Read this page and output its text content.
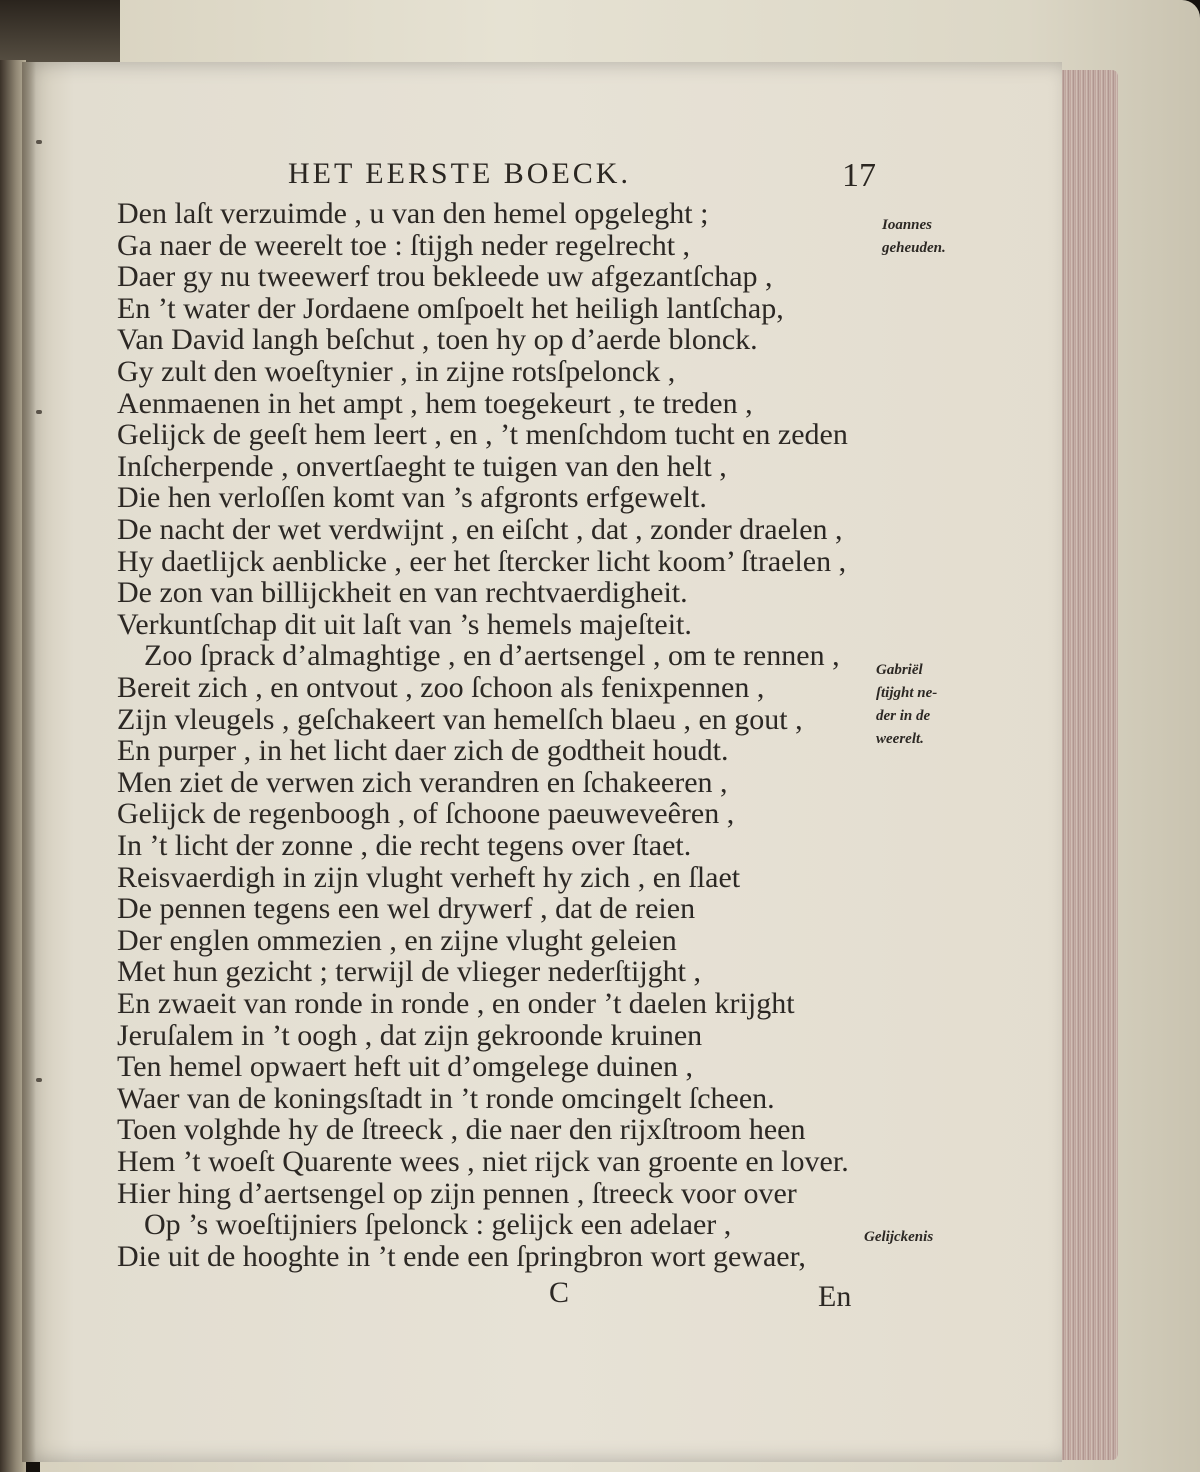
HET EERSTE BOECK.	17
Den laſt verzuimde , u van den hemel opgeleght ;
Ga naer de weerelt toe : ſtijgh neder regelrecht ,
Daer gy nu tweewerf trou bekleede uw afgezantſchap ,
En ’t water der Jordaene omſpoelt het heiligh lantſchap,
Van David langh beſchut , toen hy op d’aerde blonck.
Gy zult den woeſtynier , in zijne rotsſpelonck ,
Aenmaenen in het ampt , hem toegekeurt , te treden ,
Gelijck de geeſt hem leert , en , ’t menſchdom tucht en zeden
Inſcherpende , onvertſaeght te tuigen van den helt ,
Die hen verloſſen komt van ’s afgronts erfgewelt.
De nacht der wet verdwijnt , en eiſcht , dat , zonder draelen ,
Hy daetlijck aenblicke , eer het ſtercker licht koom’ ſtraelen ,
De zon van billijckheit en van rechtvaerdigheit.
Verkuntſchap dit uit laſt van ’s hemels majeſteit.
Zoo ſprack d’almaghtige , en d’aertsengel , om te rennen ,
Bereit zich , en ontvout , zoo ſchoon als fenixpennen ,
Zijn vleugels , geſchakeert van hemelſch blaeu , en gout ,
En purper , in het licht daer zich de godtheit houdt.
Men ziet de verwen zich verandren en ſchakeeren ,
Gelijck de regenboogh , of ſchoone paeuweveêren ,
In ’t licht der zonne , die recht tegens over ſtaet.
Reisvaerdigh in zijn vlught verheft hy zich , en ſlaet
De pennen tegens een wel drywerf , dat de reien
Der englen ommezien , en zijne vlught geleien
Met hun gezicht ; terwijl de vlieger nederſtijght ,
En zwaeit van ronde in ronde , en onder ’t daelen krijght
Jeruſalem in ’t oogh , dat zijn gekroonde kruinen
Ten hemel opwaert heft uit d’omgelege duinen ,
Waer van de koningsſtadt in ’t ronde omcingelt ſcheen.
Toen volghde hy de ſtreeck , die naer den rijxſtroom heen
Hem ’t woeſt Quarente wees , niet rijck van groente en lover.
Hier hing d’aertsengel op zijn pennen , ſtreeck voor over
Op ’s woeſtijniers ſpelonck : gelijck een adelaer ,
Die uit de hooghte in ’t ende een ſpringbron wort gewaer,
Ioannes
geheuden.
Gabriël
ſtijght ne-
der in de
weerelt.
Gelijckenis
C	En
